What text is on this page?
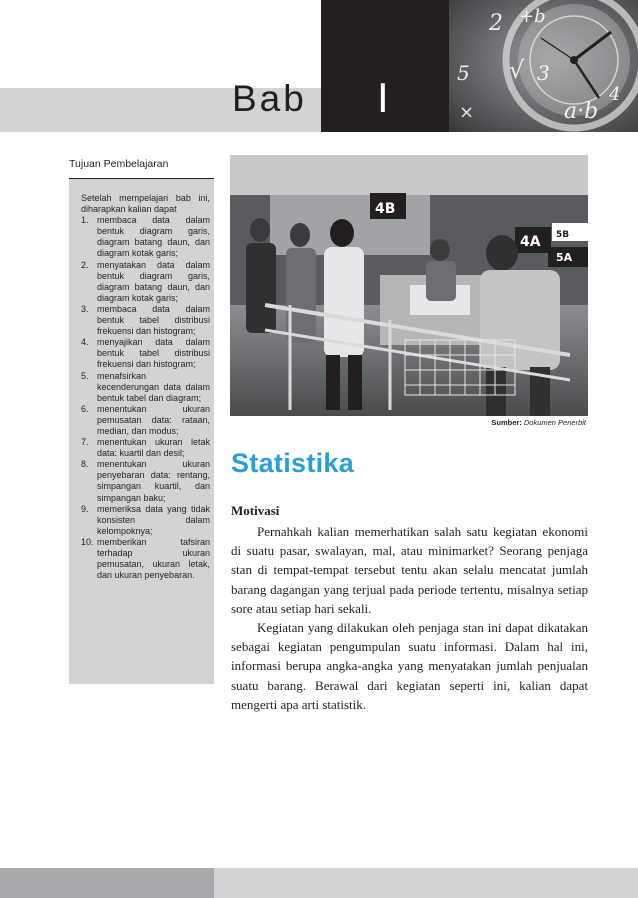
Bab I
2 +b
√ 3
5
×	a·b
4
Tujuan Pembelajaran

Setelah mempelajari bab ini, diharapkan kalian dapat

1. membaca data dalam bentuk diagram garis, diagram batang daun, dan diagram kotak garis;
2. menyatakan data dalam bentuk diagram garis, diagram batang daun, dan diagram kotak garis;
3. membaca data dalam bentuk tabel distribusi frekuensi dan histogram;
4. menyajikan data dalam bentuk tabel distribusi frekuensi dan histogram;
5. menafsirkan kecenderungan data dalam bentuk tabel dan diagram;
6. menentukan ukuran pemusatan data: rataan, median, dan modus;
7. menentukan ukuran letak data: kuartil dan desil;
8. menentukan ukuran penyebaran data: rentang, simpangan kuartil, dan simpangan baku;
9. memeriksa data yang tidak konsisten dalam kelompoknya;
10. memberikan tafsiran terhadap ukuran pemusatan, ukuran letak, dan ukuran penyebaran.
4B
4A 5B
5A
Sumber: Dokumen Penerbit
Statistika
Motivasi

Pernahkah kalian memerhatikan salah satu kegiatan ekonomi di suatu pasar, swalayan, mal, atau minimarket? Seorang penjaga stan di tempat-tempat tersebut tentu akan selalu mencatat jumlah barang dagangan yang terjual pada periode tertentu, misalnya setiap sore atau setiap hari sekali.

Kegiatan yang dilakukan oleh penjaga stan ini dapat dikatakan sebagai kegiatan pengumpulan suatu informasi. Dalam hal ini, informasi berupa angka-angka yang menyatakan jumlah penjualan suatu barang. Berawal dari kegiatan seperti ini, kalian dapat mengerti apa arti statistik.
